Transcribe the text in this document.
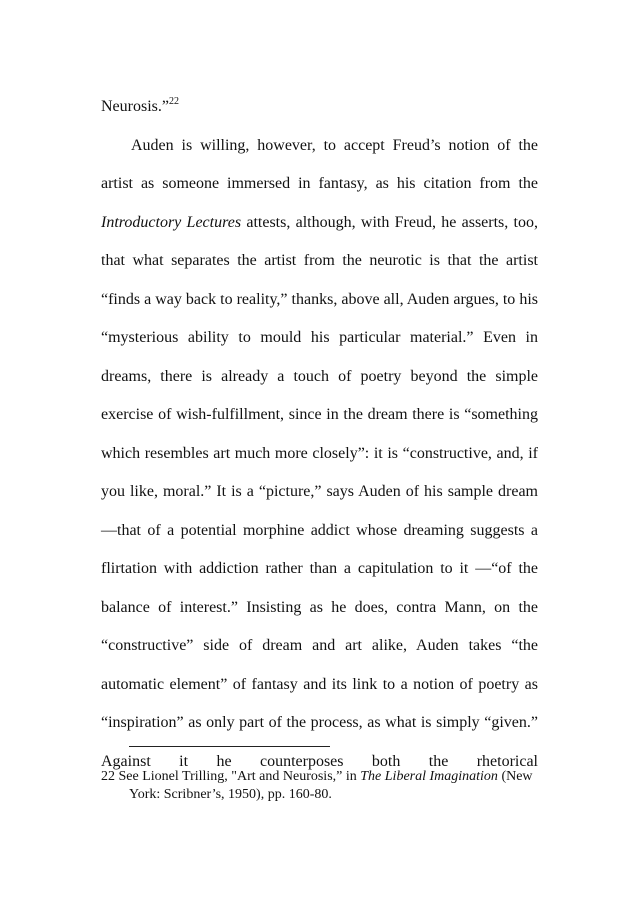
Neurosis.”$^{22}$

Auden is willing, however, to accept Freud’s notion of the artist as someone immersed in fantasy, as his citation from the Introductory Lectures attests, although, with Freud, he asserts, too, that what separates the artist from the neurotic is that the artist “finds a way back to reality,” thanks, above all, Auden argues, to his “mysterious ability to mould his particular material.” Even in dreams, there is already a touch of poetry beyond the simple exercise of wish-fulfillment, since in the dream there is “something which resembles art much more closely”: it is “constructive, and, if you like, moral.” It is a “picture,” says Auden of his sample dream —that of a potential morphine addict whose dreaming suggests a flirtation with addiction rather than a capitulation to it —“of the balance of interest.” Insisting as he does, contra Mann, on the “constructive” side of dream and art alike, Auden takes “the automatic element” of fantasy and its link to a notion of poetry as “inspiration” as only part of the process, as what is simply “given.” Against it he counterposes both the rhetorical

22 See Lionel Trilling, "Art and Neurosis,” in The Liberal Imagination (New York: Scribner’s, 1950), pp. 160-80.
